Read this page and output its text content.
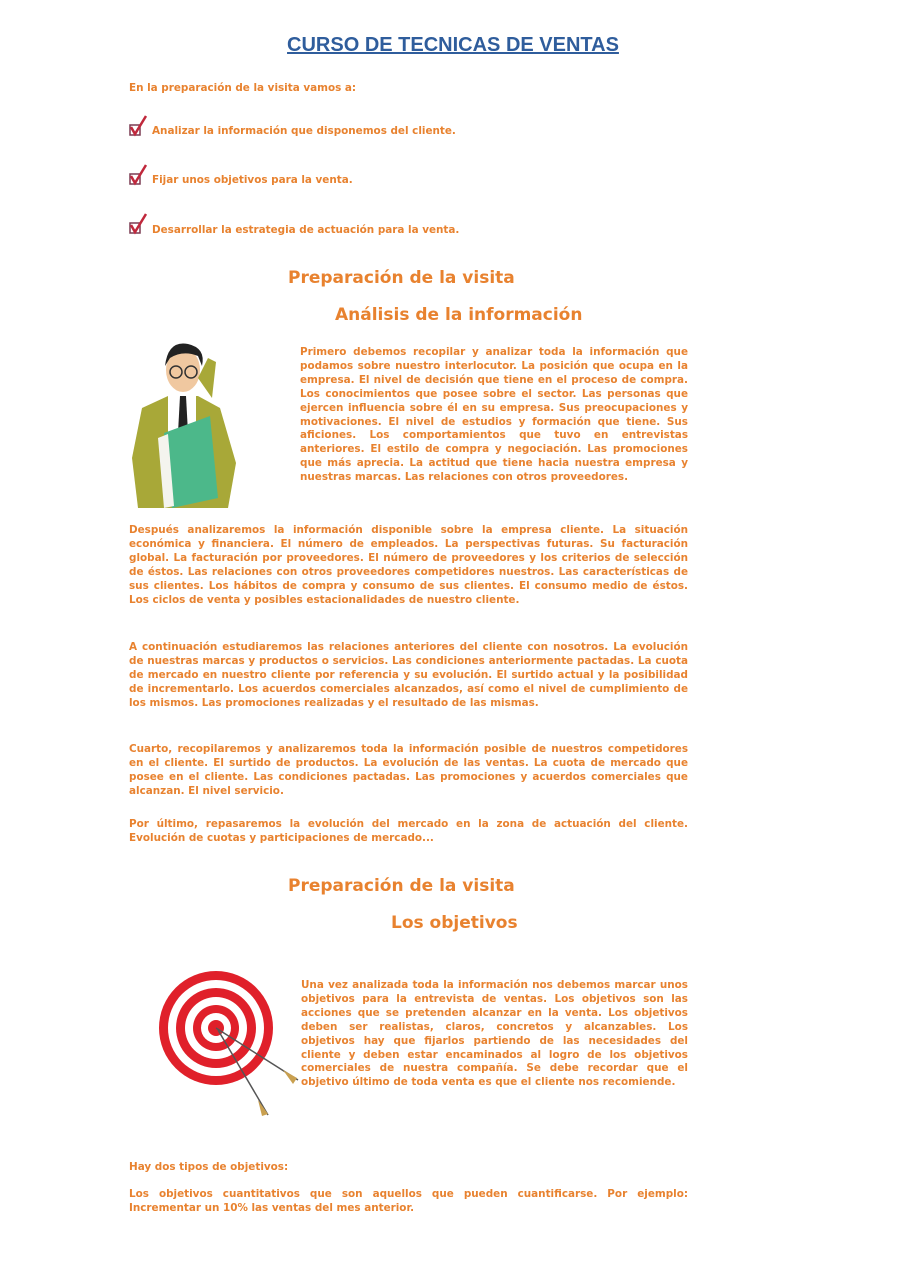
CURSO DE TECNICAS DE VENTAS
En la preparación de la visita vamos a:
Analizar la información que disponemos del cliente.
Fijar unos objetivos para la venta.
Desarrollar la estrategia de actuación para la venta.
Preparación de la visita
Análisis de la información
Primero debemos recopilar y analizar toda la información que podamos sobre nuestro interlocutor. La posición que ocupa en la empresa. El nivel de decisión que tiene en el proceso de compra. Los conocimientos que posee sobre el sector. Las personas que ejercen influencia sobre él en su empresa. Sus preocupaciones y motivaciones. El nivel de estudios y formación que tiene. Sus aficiones. Los comportamientos que tuvo en entrevistas anteriores. El estilo de compra y negociación. Las promociones que más aprecia. La actitud que tiene hacia nuestra empresa y nuestras marcas. Las relaciones con otros proveedores.
Después analizaremos la información disponible sobre la empresa cliente. La situación económica y financiera. El número de empleados. La perspectivas futuras. Su facturación global. La facturación por proveedores. El número de proveedores y los criterios de selección de éstos. Las relaciones con otros proveedores competidores nuestros. Las características de sus clientes. Los hábitos de compra y consumo de sus clientes. El consumo medio de éstos. Los ciclos de venta y posibles estacionalidades de nuestro cliente.
A continuación estudiaremos las relaciones anteriores del cliente con nosotros. La evolución de nuestras marcas y productos o servicios. Las condiciones anteriormente pactadas. La cuota de mercado en nuestro cliente por referencia y su evolución. El surtido actual y la posibilidad de incrementarlo. Los acuerdos comerciales alcanzados, así como el nivel de cumplimiento de los mismos. Las promociones realizadas y el resultado de las mismas.
Cuarto, recopilaremos y analizaremos toda la información posible de nuestros competidores en el cliente. El surtido de productos. La evolución de las ventas. La cuota de mercado que posee en el cliente. Las condiciones pactadas. Las promociones y acuerdos comerciales que alcanzan. El nivel servicio.
Por último, repasaremos la evolución del mercado en la zona de actuación del cliente. Evolución de cuotas y participaciones de mercado...
Preparación de la visita
Los objetivos
Una vez analizada toda la información nos debemos marcar unos objetivos para la entrevista de ventas. Los objetivos son las acciones que se pretenden alcanzar en la venta. Los objetivos deben ser realistas, claros, concretos y alcanzables. Los objetivos hay que fijarlos partiendo de las necesidades del cliente y deben estar encaminados al logro de los objetivos comerciales de nuestra compañía. Se debe recordar que el objetivo último de toda venta es que el cliente nos recomiende.
Hay dos tipos de objetivos:
Los objetivos cuantitativos que son aquellos que pueden cuantificarse. Por ejemplo: Incrementar un 10% las ventas del mes anterior.
